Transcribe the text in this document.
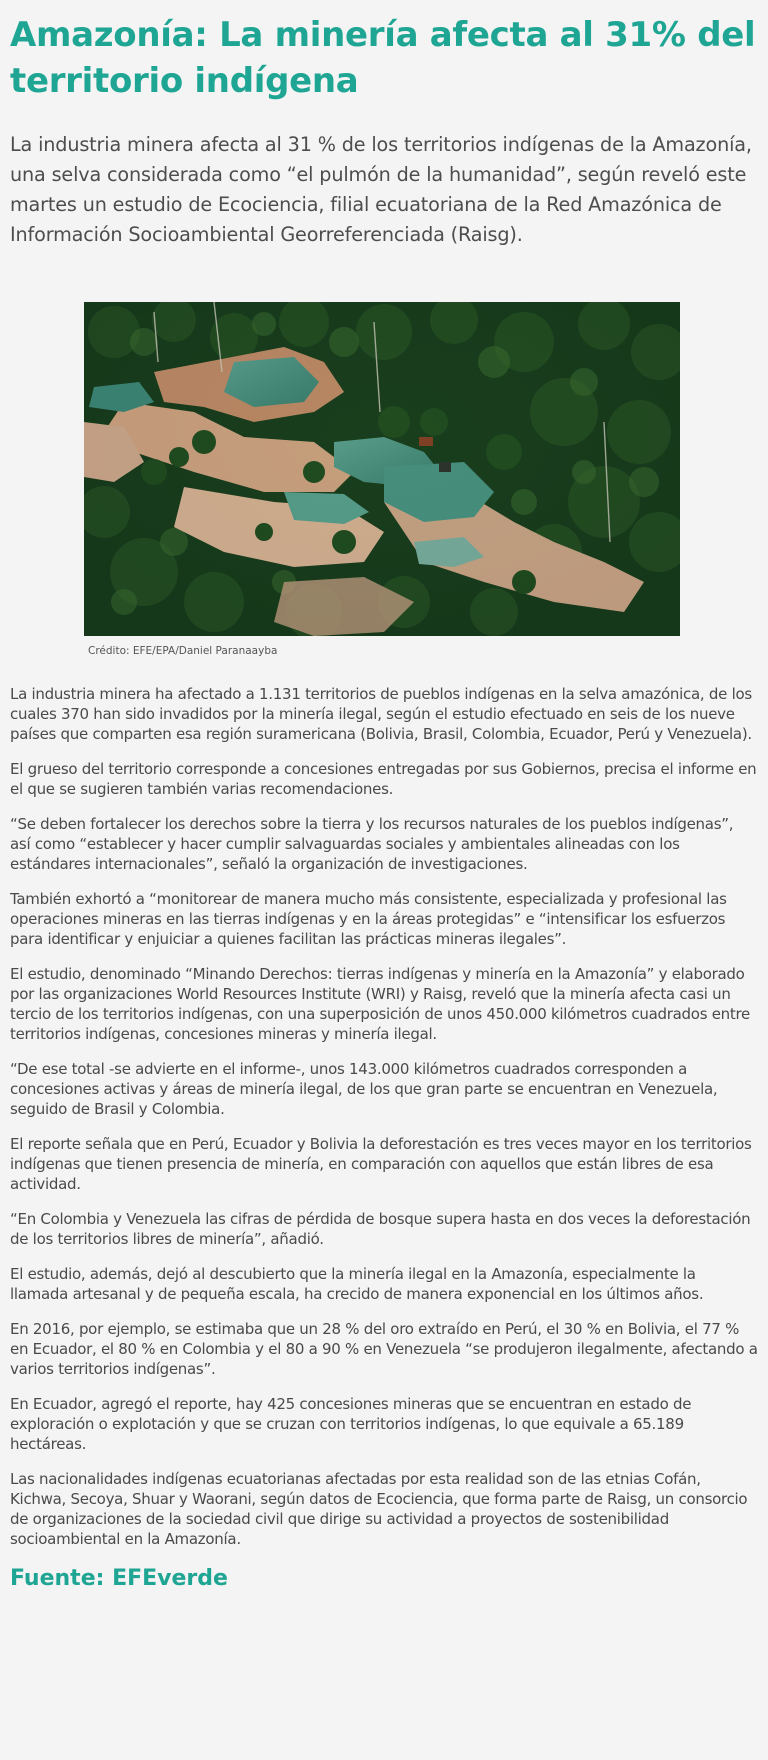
Amazonía: La minería afecta al 31% del territorio indígena

La industria minera afecta al 31 % de los territorios indígenas de la Amazonía, una selva considerada como “el pulmón de la humanidad”, según reveló este martes un estudio de Ecociencia, filial ecuatoriana de la Red Amazónica de Información Socioambiental Georreferenciada (Raisg).

Crédito: EFE/EPA/Daniel Paranaayba

La industria minera ha afectado a 1.131 territorios de pueblos indígenas en la selva amazónica, de los cuales 370 han sido invadidos por la minería ilegal, según el estudio efectuado en seis de los nueve países que comparten esa región suramericana (Bolivia, Brasil, Colombia, Ecuador, Perú y Venezuela).

El grueso del territorio corresponde a concesiones entregadas por sus Gobiernos, precisa el informe en el que se sugieren también varias recomendaciones.

“Se deben fortalecer los derechos sobre la tierra y los recursos naturales de los pueblos indígenas”, así como “establecer y hacer cumplir salvaguardas sociales y ambientales alineadas con los estándares internacionales”, señaló la organización de investigaciones.

También exhortó a “monitorear de manera mucho más consistente, especializada y profesional las operaciones mineras en las tierras indígenas y en la áreas protegidas” e “intensificar los esfuerzos para identificar y enjuiciar a quienes facilitan las prácticas mineras ilegales”.

El estudio, denominado “Minando Derechos: tierras indígenas y minería en la Amazonía” y elaborado por las organizaciones World Resources Institute (WRI) y Raisg, reveló que la minería afecta casi un tercio de los territorios indígenas, con una superposición de unos 450.000 kilómetros cuadrados entre territorios indígenas, concesiones mineras y minería ilegal.

“De ese total -se advierte en el informe-, unos 143.000 kilómetros cuadrados corresponden a concesiones activas y áreas de minería ilegal, de los que gran parte se encuentran en Venezuela, seguido de Brasil y Colombia.

El reporte señala que en Perú, Ecuador y Bolivia la deforestación es tres veces mayor en los territorios indígenas que tienen presencia de minería, en comparación con aquellos que están libres de esa actividad.

“En Colombia y Venezuela las cifras de pérdida de bosque supera hasta en dos veces la deforestación de los territorios libres de minería”, añadió.

El estudio, además, dejó al descubierto que la minería ilegal en la Amazonía, especialmente la llamada artesanal y de pequeña escala, ha crecido de manera exponencial en los últimos años.

En 2016, por ejemplo, se estimaba que un 28 % del oro extraído en Perú, el 30 % en Bolivia, el 77 % en Ecuador, el 80 % en Colombia y el 80 a 90 % en Venezuela “se produjeron ilegalmente, afectando a varios territorios indígenas”.

En Ecuador, agregó el reporte, hay 425 concesiones mineras que se encuentran en estado de exploración o explotación y que se cruzan con territorios indígenas, lo que equivale a 65.189 hectáreas.

Las nacionalidades indígenas ecuatorianas afectadas por esta realidad son de las etnias Cofán, Kichwa, Secoya, Shuar y Waorani, según datos de Ecociencia, que forma parte de Raisg, un consorcio de organizaciones de la sociedad civil que dirige su actividad a proyectos de sostenibilidad socioambiental en la Amazonía.

Fuente: EFEverde
